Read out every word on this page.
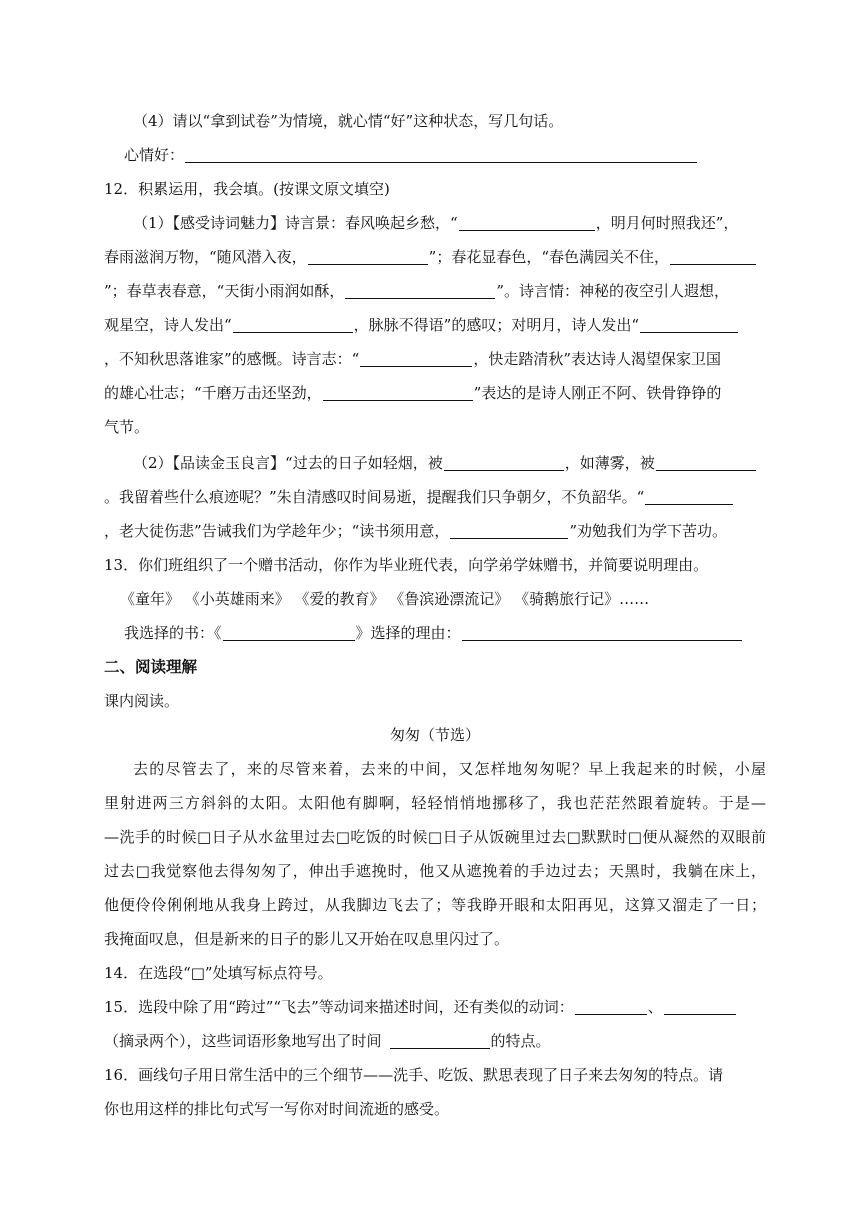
（4）请以“拿到试卷”为情境，就心情“好”这种状态，写几句话。
心情好：
12．积累运用，我会填。(按课文原文填空)
（1）【感受诗词魅力】诗言景：春风唤起乡愁，“	，明月何时照我还”，
春雨滋润万物，“随风潜入夜，	”；春花显春色，“春色满园关不住，
”；春草表春意，“天街小雨润如酥，	”。诗言情：神秘的夜空引人遐想，
观星空，诗人发出“	，脉脉不得语”的感叹；对明月，诗人发出“
，不知秋思落谁家”的感慨。诗言志：“	，快走踏清秋”表达诗人渴望保家卫国
的雄心壮志；“千磨万击还坚劲，	”表达的是诗人刚正不阿、铁骨铮铮的
气节。
（2）【品读金玉良言】“过去的日子如轻烟，被	，如薄雾，被
。我留着些什么痕迹呢？”朱自清感叹时间易逝，提醒我们只争朝夕，不负韶华。“
，老大徒伤悲”告诫我们为学趁年少；“读书须用意，	”劝勉我们为学下苦功。
13．你们班组织了一个赠书活动，你作为毕业班代表，向学弟学妹赠书，并简要说明理由。
《童年》 《小英雄雨来》 《爱的教育》 《鲁滨逊漂流记》 《骑鹅旅行记》……
我选择的书：《	》选择的理由：
二、阅读理解
课内阅读。
匆匆（节选）
去的尽管去了，来的尽管来着，去来的中间，又怎样地匆匆呢？早上我起来的时候，小屋
里射进两三方斜斜的太阳。太阳他有脚啊，轻轻悄悄地挪移了，我也茫茫然跟着旋转。于是—
—洗手的时候□日子从水盆里过去□吃饭的时候□日子从饭碗里过去□默默时□便从凝然的双眼前
过去□我觉察他去得匆匆了，伸出手遮挽时，他又从遮挽着的手边过去；天黑时，我躺在床上，
他便伶伶俐俐地从我身上跨过，从我脚边飞去了；等我睁开眼和太阳再见，这算又溜走了一日；
我掩面叹息，但是新来的日子的影儿又开始在叹息里闪过了。
14．在选段“□”处填写标点符号。
15．选段中除了用“跨过”“飞去”等动词来描述时间，还有类似的动词：	、
（摘录两个），这些词语形象地写出了时间	的特点。
16．画线句子用日常生活中的三个细节——洗手、吃饭、默思表现了日子来去匆匆的特点。请
你也用这样的排比句式写一写你对时间流逝的感受。
